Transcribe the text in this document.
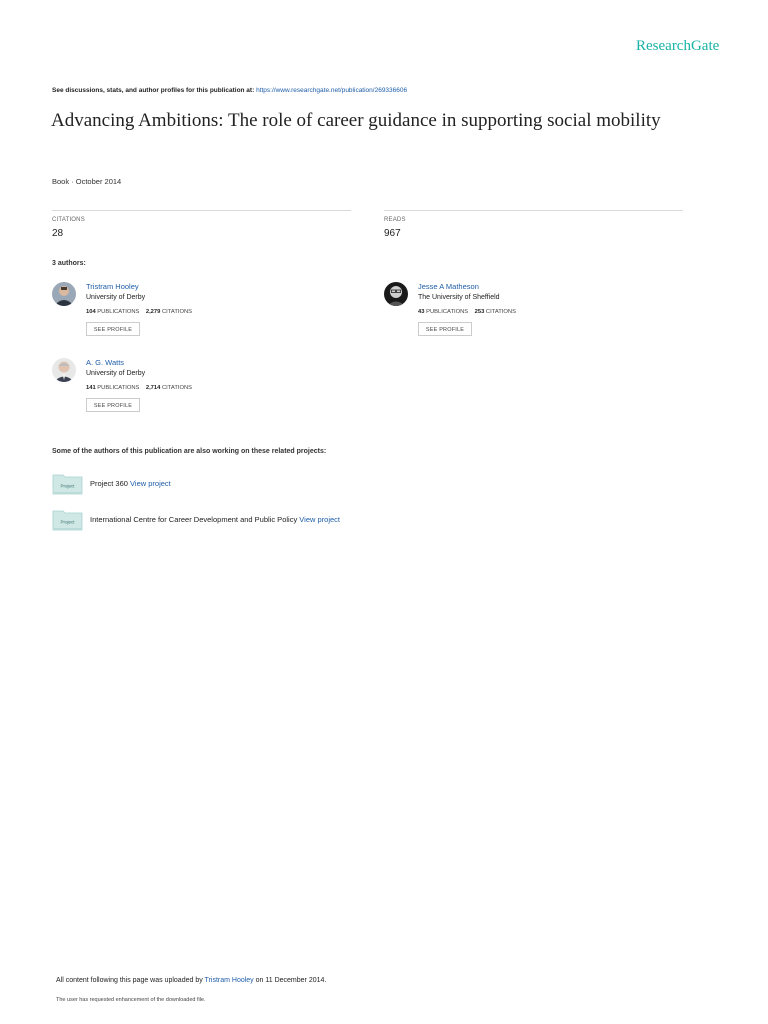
ResearchGate
See discussions, stats, and author profiles for this publication at: https://www.researchgate.net/publication/269336606
Advancing Ambitions: The role of career guidance in supporting social mobility
Book · October 2014
CITATIONS
28
READS
967
3 authors:
Tristram Hooley
University of Derby
104 PUBLICATIONS 2,279 CITATIONS
SEE PROFILE
Jesse A Matheson
The University of Sheffield
43 PUBLICATIONS 253 CITATIONS
SEE PROFILE
A. G. Watts
University of Derby
141 PUBLICATIONS 2,714 CITATIONS
SEE PROFILE
Some of the authors of this publication are also working on these related projects:
Project Project 360 View project
Project International Centre for Career Development and Public Policy View project
All content following this page was uploaded by Tristram Hooley on 11 December 2014.
The user has requested enhancement of the downloaded file.
